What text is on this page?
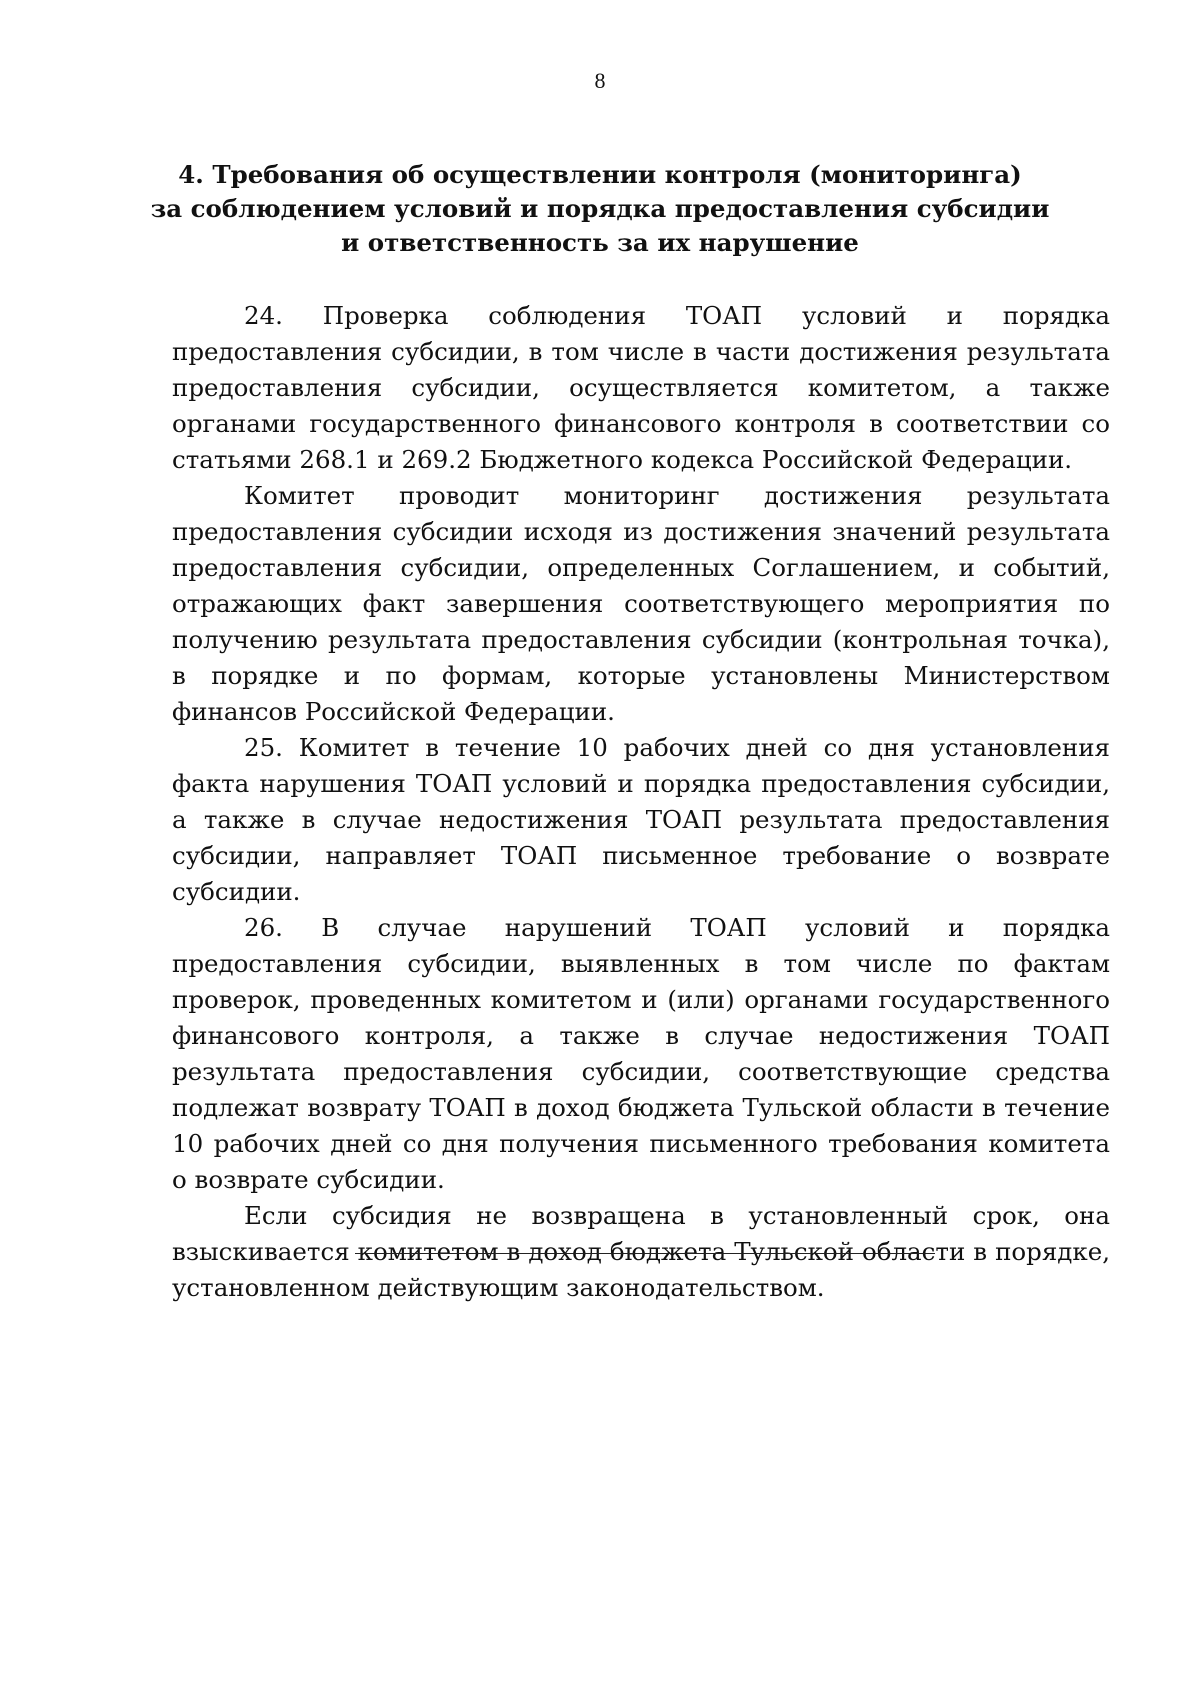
8
4. Требования об осуществлении контроля (мониторинга)
за соблюдением условий и порядка предоставления субсидии
и ответственность за их нарушение

24. Проверка соблюдения ТОАП условий и порядка предоставления субсидии, в том числе в части достижения результата предоставления субсидии, осуществляется комитетом, а также органами государственного финансового контроля в соответствии со статьями 268.1 и 269.2 Бюджетного кодекса Российской Федерации.

Комитет проводит мониторинг достижения результата предоставления субсидии исходя из достижения значений результата предоставления субсидии, определенных Соглашением, и событий, отражающих факт завершения соответствующего мероприятия по получению результата предоставления субсидии (контрольная точка), в порядке и по формам, которые установлены Министерством финансов Российской Федерации.

25. Комитет в течение 10 рабочих дней со дня установления факта нарушения ТОАП условий и порядка предоставления субсидии, а также в случае недостижения ТОАП результата предоставления субсидии, направляет ТОАП письменное требование о возврате субсидии.

26. В случае нарушений ТОАП условий и порядка предоставления субсидии, выявленных в том числе по фактам проверок, проведенных комитетом и (или) органами государственного финансового контроля, а также в случае недостижения ТОАП результата предоставления субсидии, соответствующие средства подлежат возврату ТОАП в доход бюджета Тульской области в течение 10 рабочих дней со дня получения письменного требования комитета о возврате субсидии.

Если субсидия не возвращена в установленный срок, она взыскивается комитетом в доход бюджета Тульской области в порядке, установленном действующим законодательством.
